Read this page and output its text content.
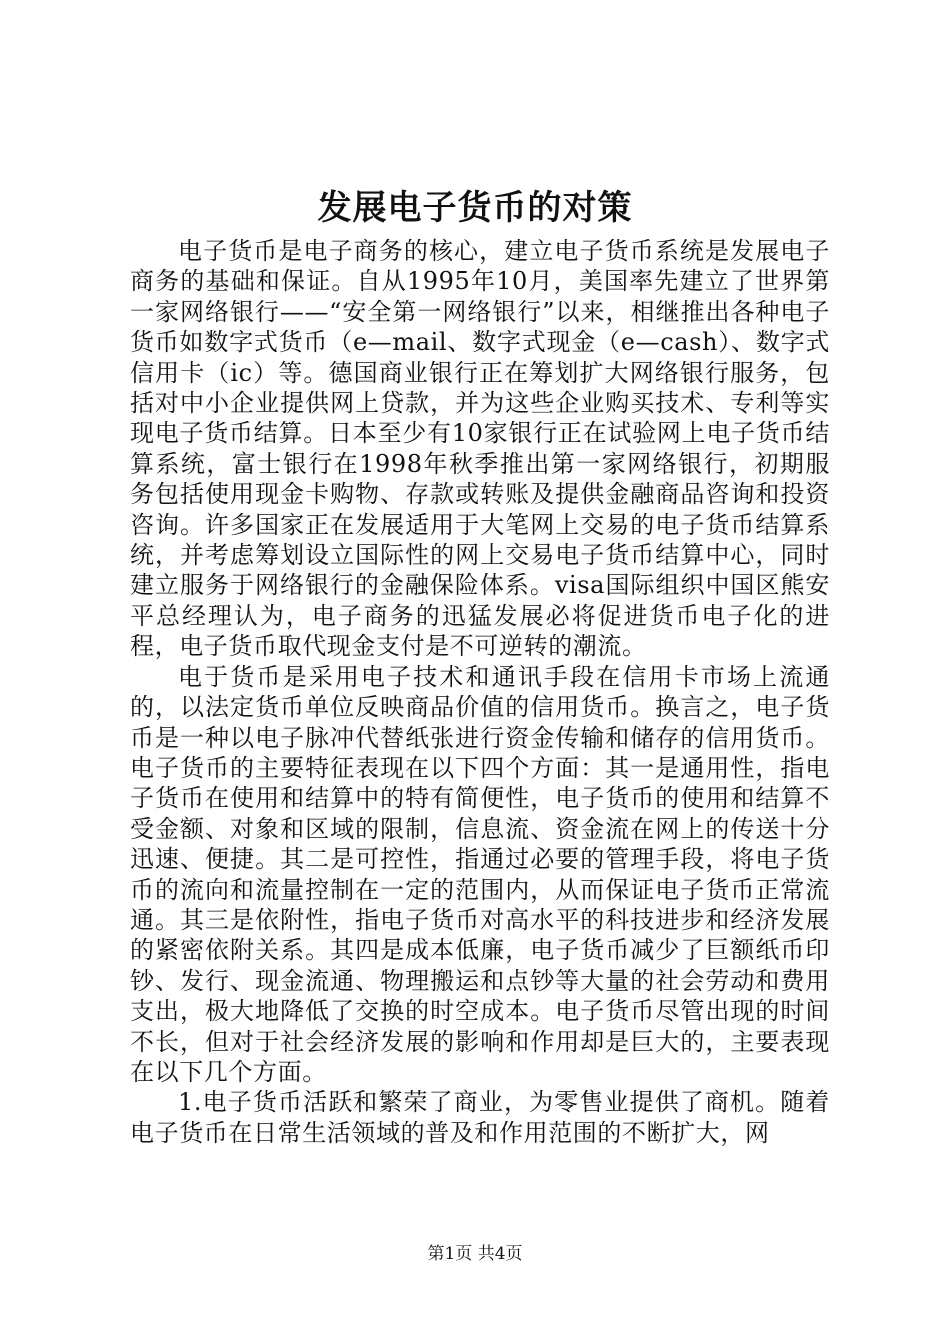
发展电子货币的对策

电子货币是电子商务的核心，建立电子货币系统是发展电子商务的基础和保证。自从1995年10月，美国率先建立了世界第一家网络银行——“安全第一网络银行”以来，相继推出各种电子货币如数字式货币（e—mail、数字式现金（e—cash）、数字式信用卡（ic）等。德国商业银行正在筹划扩大网络银行服务，包括对中小企业提供网上贷款，并为这些企业购买技术、专利等实现电子货币结算。日本至少有10家银行正在试验网上电子货币结算系统，富士银行在1998年秋季推出第一家网络银行，初期服务包括使用现金卡购物、存款或转账及提供金融商品咨询和投资咨询。许多国家正在发展适用于大笔网上交易的电子货币结算系统，并考虑筹划设立国际性的网上交易电子货币结算中心，同时建立服务于网络银行的金融保险体系。visa国际组织中国区熊安平总经理认为，电子商务的迅猛发展必将促进货币电子化的进程，电子货币取代现金支付是不可逆转的潮流。

电于货币是采用电子技术和通讯手段在信用卡市场上流通的，以法定货币单位反映商品价值的信用货币。换言之，电子货币是一种以电子脉冲代替纸张进行资金传输和储存的信用货币。电子货币的主要特征表现在以下四个方面：其一是通用性，指电子货币在使用和结算中的特有简便性，电子货币的使用和结算不受金额、对象和区域的限制，信息流、资金流在网上的传送十分迅速、便捷。其二是可控性，指通过必要的管理手段，将电子货币的流向和流量控制在一定的范围内，从而保证电子货币正常流通。其三是依附性，指电子货币对高水平的科技进步和经济发展的紧密依附关系。其四是成本低廉，电子货币减少了巨额纸币印钞、发行、现金流通、物理搬运和点钞等大量的社会劳动和费用支出，极大地降低了交换的时空成本。电子货币尽管出现的时间不长，但对于社会经济发展的影响和作用却是巨大的，主要表现在以下几个方面。

1.电子货币活跃和繁荣了商业，为零售业提供了商机。随着电子货币在日常生活领域的普及和作用范围的不断扩大，网

第1页 共4页
